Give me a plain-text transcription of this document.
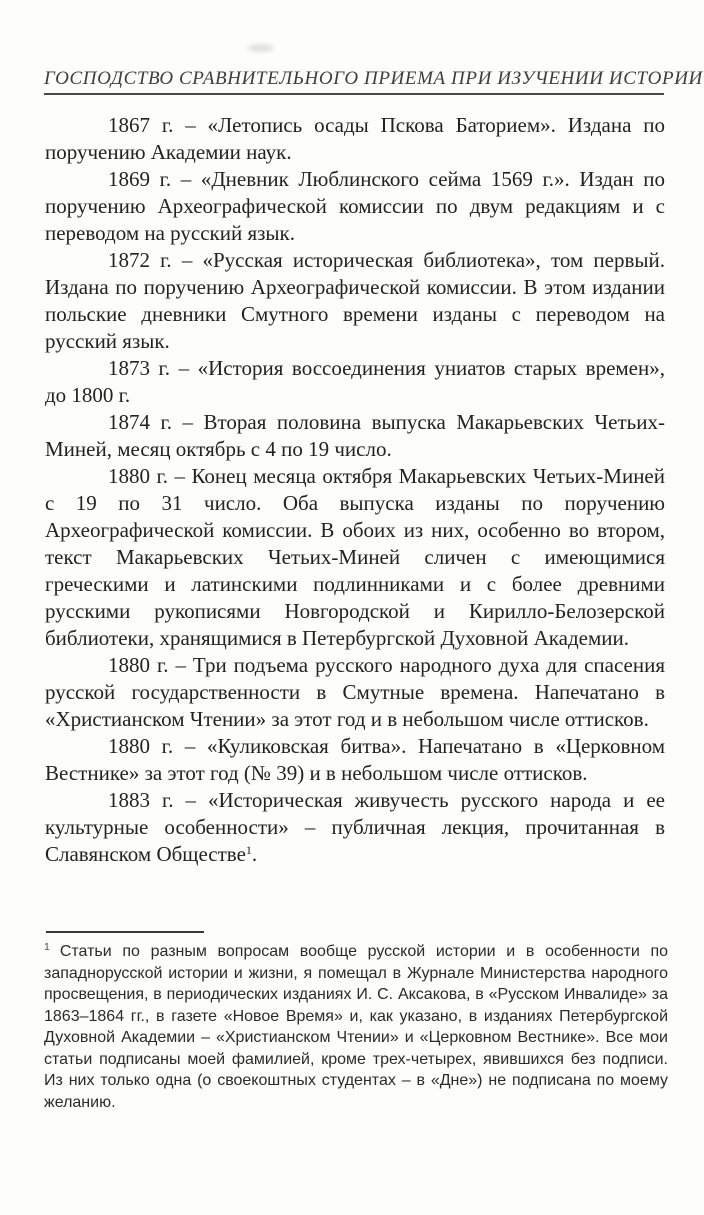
ГОСПОДСТВО СРАВНИТЕЛЬНОГО ПРИЕМА ПРИ ИЗУЧЕНИИ ИСТОРИИ

1867 г. – «Летопись осады Пскова Баторием». Издана по поручению Академии наук.

1869 г. – «Дневник Люблинского сейма 1569 г.». Издан по поручению Археографической комиссии по двум редакциям и с переводом на русский язык.

1872 г. – «Русская историческая библиотека», том первый. Издана по поручению Археографической комиссии. В этом издании польские дневники Смутного времени изданы с переводом на русский язык.

1873 г. – «История воссоединения униатов старых времен», до 1800 г.

1874 г. – Вторая половина выпуска Макарьевских Четьих-Миней, месяц октябрь с 4 по 19 число.

1880 г. – Конец месяца октября Макарьевских Четьих-Миней с 19 по 31 число. Оба выпуска изданы по поручению Археографической комиссии. В обоих из них, особенно во втором, текст Макарьевских Четьих-Миней сличен с имеющимися греческими и латинскими подлинниками и с более древними русскими рукописями Новгородской и Кирилло-Белозерской библиотеки, хранящимися в Петербургской Духовной Академии.

1880 г. – Три подъема русского народного духа для спасения русской государственности в Смутные времена. Напечатано в «Христианском Чтении» за этот год и в небольшом числе оттисков.

1880 г. – «Куликовская битва». Напечатано в «Церковном Вестнике» за этот год (№ 39) и в небольшом числе оттисков.

1883 г. – «Историческая живучесть русского народа и ее культурные особенности» – публичная лекция, прочитанная в Славянском Обществе$^1$.

$^1$ Статьи по разным вопросам вообще русской истории и в особенности по западнорусской истории и жизни, я помещал в Журнале Министерства народного просвещения, в периодических изданиях И. С. Аксакова, в «Русском Инвалиде» за 1863–1864 гг., в газете «Новое Время» и, как указано, в изданиях Петербургской Духовной Академии – «Христианском Чтении» и «Церковном Вестнике». Все мои статьи подписаны моей фамилией, кроме трех-четырех, явившихся без подписи. Из них только одна (о своекоштных студентах – в «Дне») не подписана по моему желанию.
